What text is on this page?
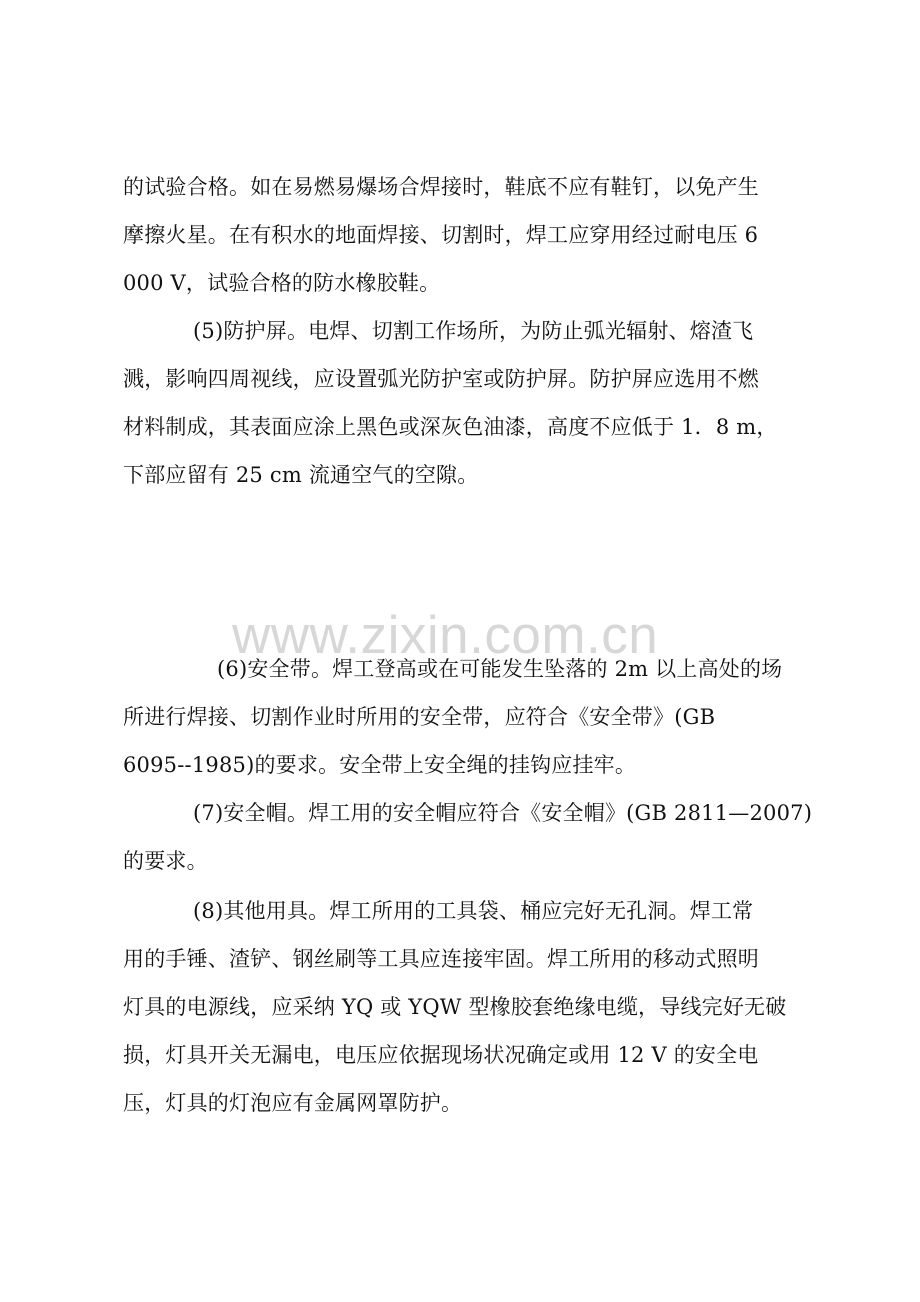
www.zixin.com.cn
的试验合格。如在易燃易爆场合焊接时，鞋底不应有鞋钉，以免产生
摩擦火星。在有积水的地面焊接、切割时，焊工应穿用经过耐电压 6
000 V，试验合格的防水橡胶鞋。
(5)防护屏。电焊、切割工作场所，为防止弧光辐射、熔渣飞
溅，影响四周视线，应设置弧光防护室或防护屏。防护屏应选用不燃
材料制成，其表面应涂上黑色或深灰色油漆，高度不应低于 1．8 m，
下部应留有 25 cm 流通空气的空隙。
(6)安全带。焊工登高或在可能发生坠落的 2m 以上高处的场
所进行焊接、切割作业时所用的安全带，应符合《安全带》(GB
6095--1985)的要求。安全带上安全绳的挂钩应挂牢。
(7)安全帽。焊工用的安全帽应符合《安全帽》(GB 2811—2007)
的要求。
(8)其他用具。焊工所用的工具袋、桶应完好无孔洞。焊工常
用的手锤、渣铲、钢丝刷等工具应连接牢固。焊工所用的移动式照明
灯具的电源线，应采纳 YQ 或 YQW 型橡胶套绝缘电缆，导线完好无破
损，灯具开关无漏电，电压应依据现场状况确定或用 12 V 的安全电
压，灯具的灯泡应有金属网罩防护。
